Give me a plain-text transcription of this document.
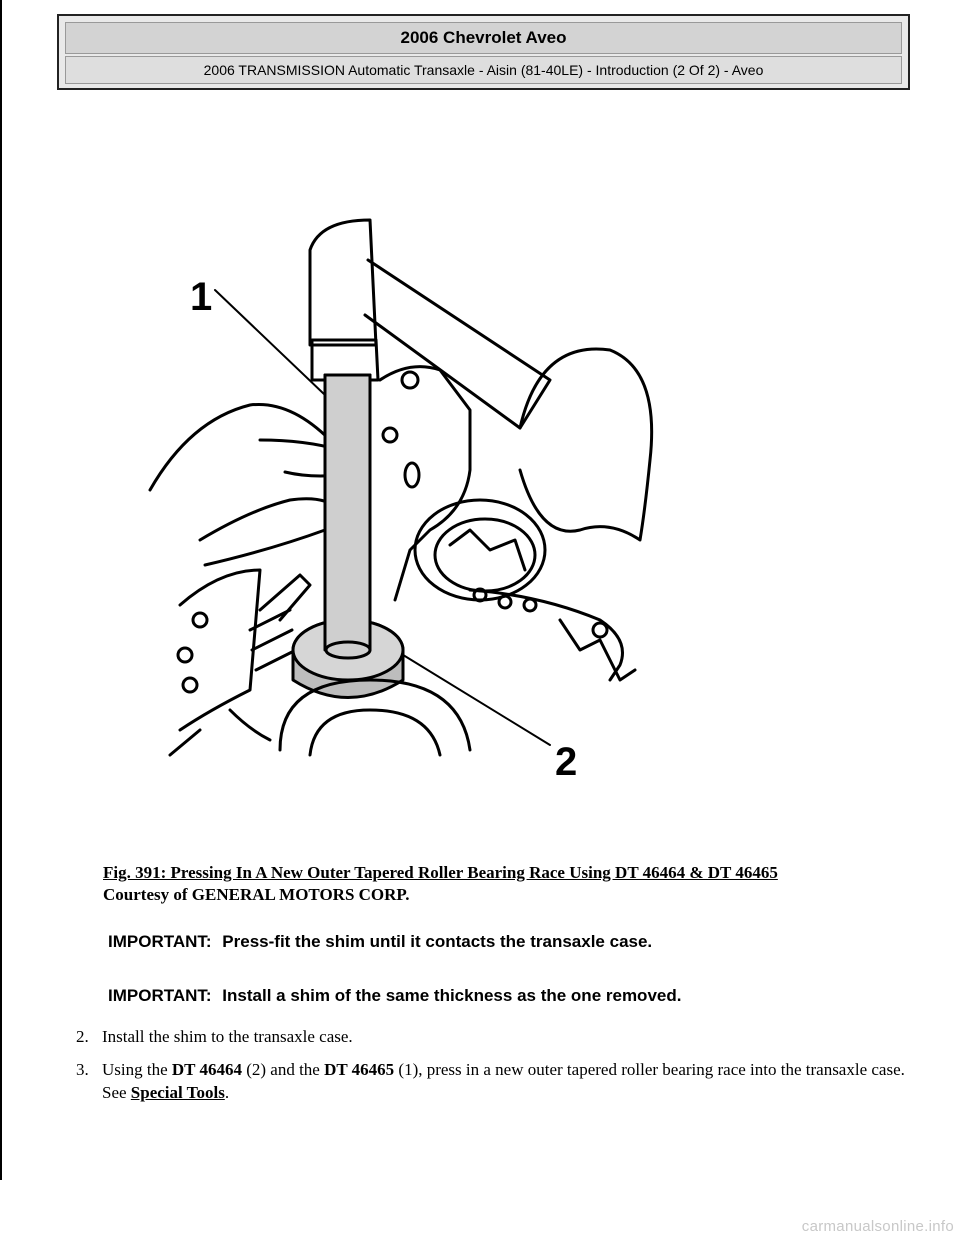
2006 Chevrolet Aveo
2006 TRANSMISSION Automatic Transaxle - Aisin (81-40LE) - Introduction (2 Of 2) - Aveo
1
2
Fig. 391: Pressing In A New Outer Tapered Roller Bearing Race Using DT 46464 & DT 46465
Courtesy of GENERAL MOTORS CORP.
IMPORTANT: Press-fit the shim until it contacts the transaxle case.
IMPORTANT: Install a shim of the same thickness as the one removed.
2. Install the shim to the transaxle case.
3. Using the DT 46464 (2) and the DT 46465 (1), press in a new outer tapered roller bearing race into the transaxle case. See Special Tools.
carmanualsonline.info
